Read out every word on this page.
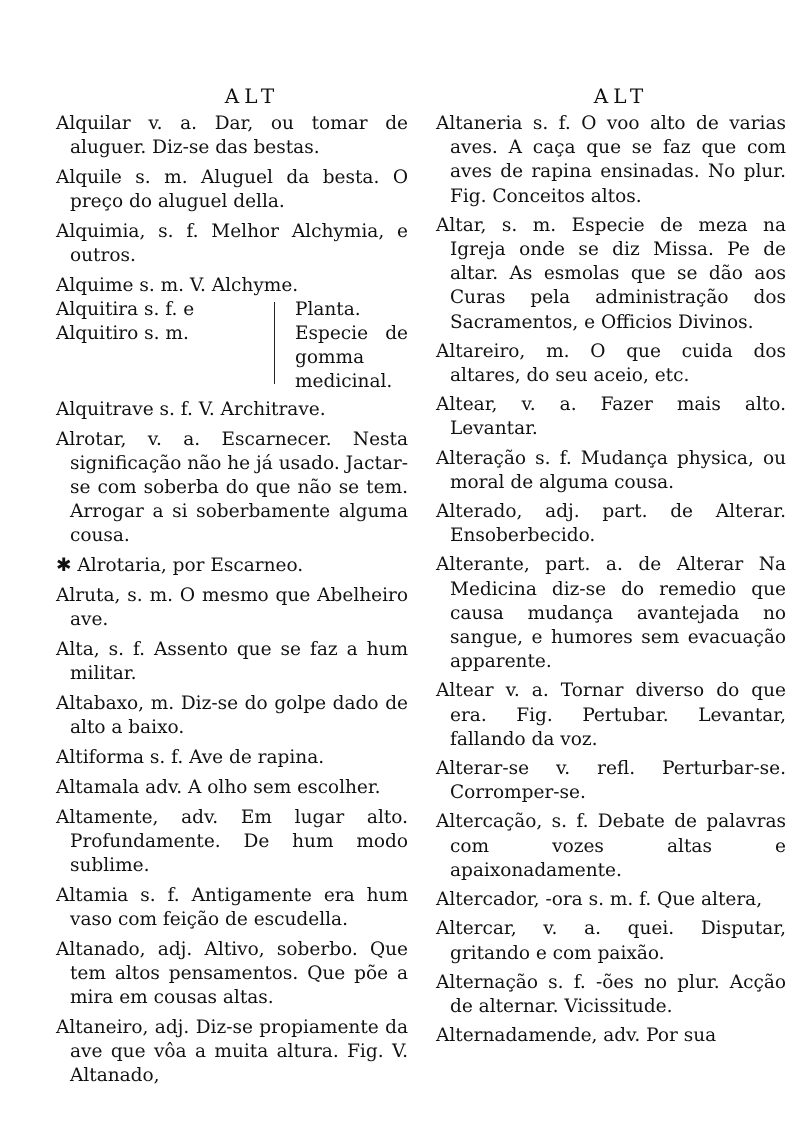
ALT
Alquilar v. a. Dar, ou tomar de aluguer. Diz-se das bestas.
Alquile s. m. Aluguel da besta. O preço do aluguel della.
Alquimia, s. f. Melhor Alchymia, e outros.
Alquime s. m. V. Alchyme.
Alquitira s. f. e
Alquitiro s. m.
Planta. Especie de gomma medicinal.
Alquitrave s. f. V. Architrave.
Alrotar, v. a. Escarnecer. Nesta significação não he já usado. Jactar-se com soberba do que não se tem. Arrogar a si soberbamente alguma cousa.
✱ Alrotaria, por Escarneo.
Alruta, s. m. O mesmo que Abelheiro ave.
Alta, s. f. Assento que se faz a hum militar.
Altabaxo, m. Diz-se do golpe dado de alto a baixo.
Altiforma s. f. Ave de rapina.
Altamala adv. A olho sem escolher.
Altamente, adv. Em lugar alto. Profundamente. De hum modo sublime.
Altamia s. f. Antigamente era hum vaso com feição de escudella.
Altanado, adj. Altivo, soberbo. Que tem altos pensamentos. Que põe a mira em cousas altas.
Altaneiro, adj. Diz-se propiamente da ave que vôa a muita altura. Fig. V. Altanado,
ALT
Altaneria s. f. O voo alto de varias aves. A caça que se faz que com aves de rapina ensinadas. No plur. Fig. Conceitos altos.
Altar, s. m. Especie de meza na Igreja onde se diz Missa. Pe de altar. As esmolas que se dão aos Curas pela administração dos Sacramentos, e Officios Divinos.
Altareiro, m. O que cuida dos altares, do seu aceio, etc.
Altear, v. a. Fazer mais alto. Levantar.
Alteração s. f. Mudança physica, ou moral de alguma cousa.
Alterado, adj. part. de Alterar. Ensoberbecido.
Alterante, part. a. de Alterar Na Medicina diz-se do remedio que causa mudança avantejada no sangue, e humores sem evacuação apparente.
Altear v. a. Tornar diverso do que era. Fig. Pertubar. Levantar, fallando da voz.
Alterar-se v. refl. Perturbar-se. Corromper-se.
Altercação, s. f. Debate de palavras com vozes altas e apaixonadamente.
Altercador, -ora s. m. f. Que altera,
Altercar, v. a. quei. Disputar, gritando e com paixão.
Alternação s. f. -ões no plur. Acção de alternar. Vicissitude.
Alternadamende, adv. Por sua
